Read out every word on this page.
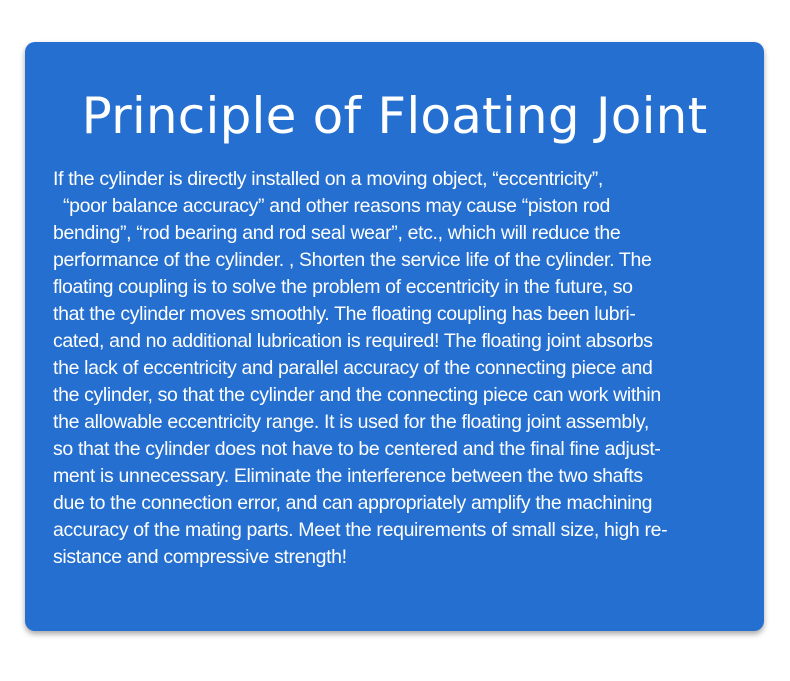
Principle of Floating Joint

If the cylinder is directly installed on a moving object, “eccentricity”,
“poor balance accuracy” and other reasons may cause “piston rod
bending”, “rod bearing and rod seal wear”, etc., which will reduce the
performance of the cylinder. , Shorten the service life of the cylinder. The
floating coupling is to solve the problem of eccentricity in the future, so
that the cylinder moves smoothly. The floating coupling has been lubri-
cated, and no additional lubrication is required! The floating joint absorbs
the lack of eccentricity and parallel accuracy of the connecting piece and
the cylinder, so that the cylinder and the connecting piece can work within
the allowable eccentricity range. It is used for the floating joint assembly,
so that the cylinder does not have to be centered and the final fine adjust-
ment is unnecessary. Eliminate the interference between the two shafts
due to the connection error, and can appropriately amplify the machining
accuracy of the mating parts. Meet the requirements of small size, high re-
sistance and compressive strength!
